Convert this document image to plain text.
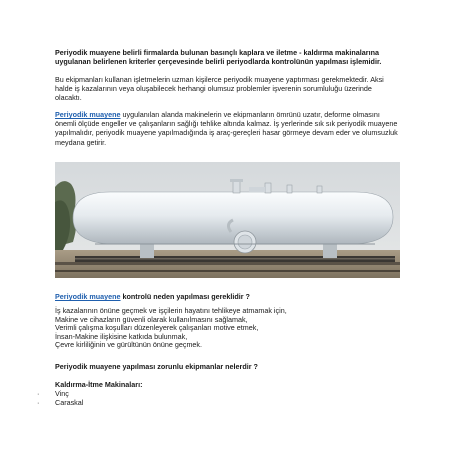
Periyodik muayene belirli firmalarda bulunan basınçlı kaplara ve iletme - kaldırma makinalarına uygulanan belirlenen kriterler çerçevesinde belirli periyodlarda kontrolünün yapılması işlemidir.

Bu ekipmanları kullanan işletmelerin uzman kişilerce periyodik muayene yaptırması gerekmektedir. Aksi halde iş kazalarının veya oluşabilecek herhangi olumsuz problemler işverenin sorumluluğu üzerinde olacaktı.

Periyodik muayene uygulanılan alanda makinelerin ve ekipmanların ömrünü uzatır, deforme olmasını önemli ölçüde engeller ve çalışanların sağlığı tehlike altında kalmaz. İş yerlerinde sık sık periyodik muayene yapılmalıdır, periyodik muayene yapılmadığında iş araç-gereçleri hasar görmeye devam eder ve olumsuzluk meydana getirir.

Periyodik muayene kontrolü neden yapılması gereklidir ?

İş kazalarının önüne geçmek ve işçilerin hayatını tehlikeye atmamak için,
Makine ve cihazların güvenli olarak kullanılmasını sağlamak,
Verimli çalışma koşulları düzenleyerek çalışanları motive etmek,
İnsan-Makine ilişkisine katkıda bulunmak,
Çevre kirliliğinin ve gürültünün önüne geçmek.

Periyodik muayene yapılması zorunlu ekipmanlar nelerdir ?

Kaldırma-İtme Makinaları:

· Vinç
· Caraskal
